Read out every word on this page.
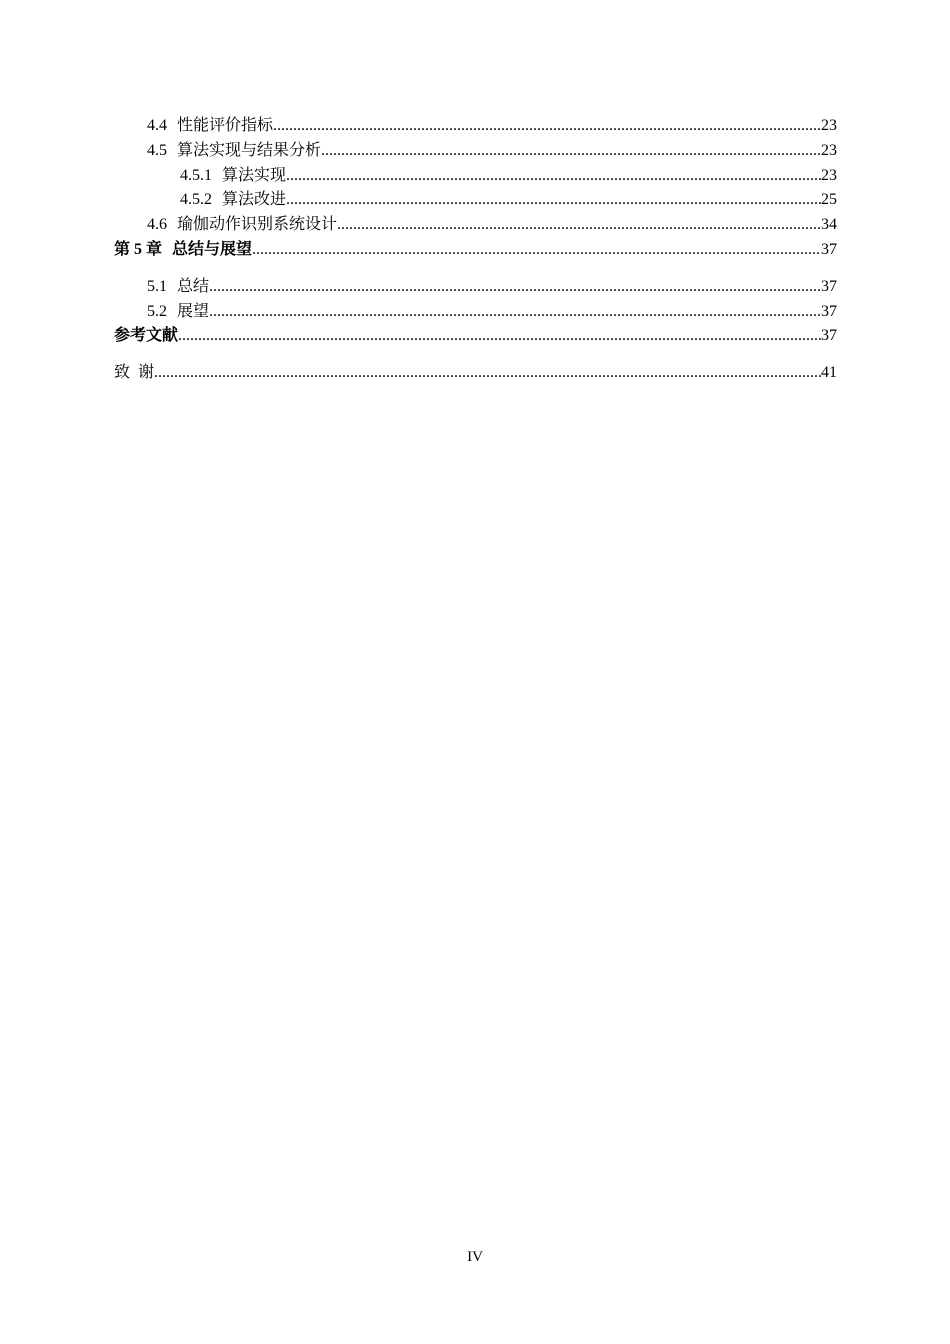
4.4 性能评价指标 .....	23
4.5 算法实现与结果分析 .....	23
4.5.1 算法实现 .....	23
4.5.2 算法改进 .....	25
4.6 瑜伽动作识别系统设计 .....	34
第 5 章 总结与展望 .....	37
5.1 总结 .....	37
5.2 展望 .....	37
参考文献 .....	37
致  谢 .....	41
IV
